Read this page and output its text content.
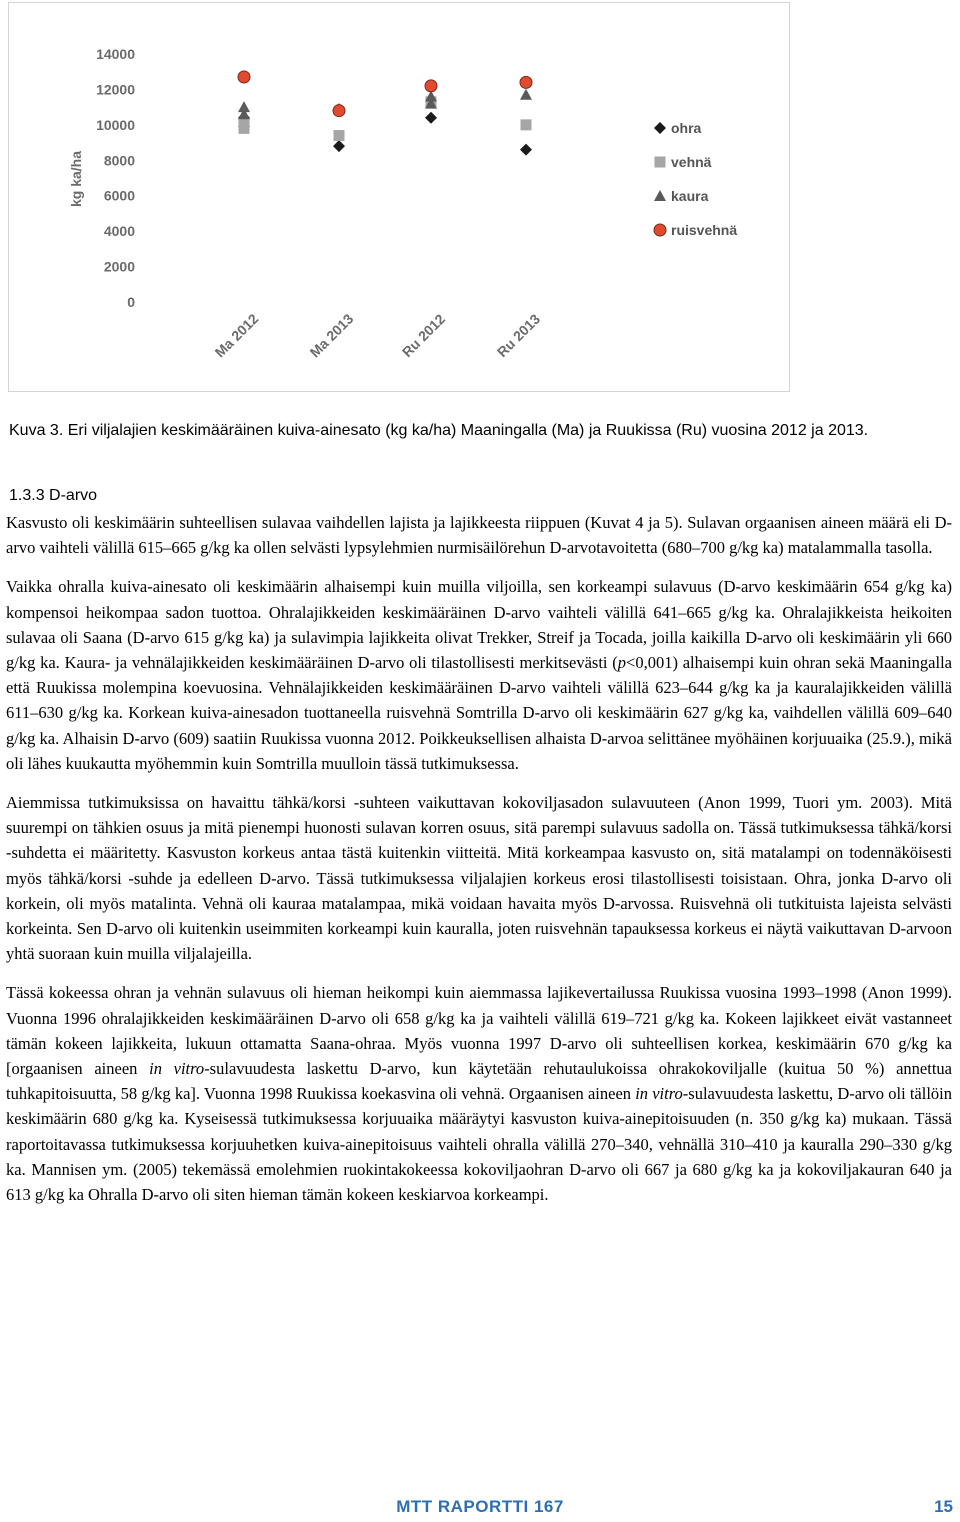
kg ka/ha
14000
12000
10000
8000
6000
4000
2000
0
Ma 2012	Ma 2013	Ru 2012	Ru 2013
ohra
vehnä
kaura
ruisvehnä
Kuva 3. Eri viljalajien keskimääräinen kuiva-ainesato (kg ka/ha) Maaningalla (Ma) ja Ruukissa (Ru) vuosina 2012 ja 2013.
1.3.3 D-arvo

Kasvusto oli keskimäärin suhteellisen sulavaa vaihdellen lajista ja lajikkeesta riippuen (Kuvat 4 ja 5). Sulavan orgaanisen aineen määrä eli D-arvo vaihteli välillä 615–665 g/kg ka ollen selvästi lypsylehmien nurmisäilörehun D-arvotavoitetta (680–700 g/kg ka) matalammalla tasolla.

Vaikka ohralla kuiva-ainesato oli keskimäärin alhaisempi kuin muilla viljoilla, sen korkeampi sulavuus (D-arvo keskimäärin 654 g/kg ka) kompensoi heikompaa sadon tuottoa. Ohralajikkeiden keskimääräinen D-arvo vaihteli välillä 641–665 g/kg ka. Ohralajikkeista heikoiten sulavaa oli Saana (D-arvo 615 g/kg ka) ja sulavimpia lajikkeita olivat Trekker, Streif ja Tocada, joilla kaikilla D-arvo oli keskimäärin yli 660 g/kg ka. Kaura- ja vehnälajikkeiden keskimääräinen D-arvo oli tilastollisesti merkitsevästi (p<0,001) alhaisempi kuin ohran sekä Maaningalla että Ruukissa molempina koevuosina. Vehnälajikkeiden keskimääräinen D-arvo vaihteli välillä 623–644 g/kg ka ja kauralajikkeiden välillä 611–630 g/kg ka. Korkean kuiva-ainesadon tuottaneella ruisvehnä Somtrilla D-arvo oli keskimäärin 627 g/kg ka, vaihdellen välillä 609–640 g/kg ka. Alhaisin D-arvo (609) saatiin Ruukissa vuonna 2012. Poikkeuksellisen alhaista D-arvoa selittänee myöhäinen korjuuaika (25.9.), mikä oli lähes kuukautta myöhemmin kuin Somtrilla muulloin tässä tutkimuksessa.

Aiemmissa tutkimuksissa on havaittu tähkä/korsi -suhteen vaikuttavan kokoviljasadon sulavuuteen (Anon 1999, Tuori ym. 2003). Mitä suurempi on tähkien osuus ja mitä pienempi huonosti sulavan korren osuus, sitä parempi sulavuus sadolla on. Tässä tutkimuksessa tähkä/korsi -suhdetta ei määritetty. Kasvuston korkeus antaa tästä kuitenkin viitteitä. Mitä korkeampaa kasvusto on, sitä matalampi on todennäköisesti myös tähkä/korsi -suhde ja edelleen D-arvo. Tässä tutkimuksessa viljalajien korkeus erosi tilastollisesti toisistaan. Ohra, jonka D-arvo oli korkein, oli myös matalinta. Vehnä oli kauraa matalampaa, mikä voidaan havaita myös D-arvossa. Ruisvehnä oli tutkituista lajeista selvästi korkeinta. Sen D-arvo oli kuitenkin useimmiten korkeampi kuin kauralla, joten ruisvehnän tapauksessa korkeus ei näytä vaikuttavan D-arvoon yhtä suoraan kuin muilla viljalajeilla.

Tässä kokeessa ohran ja vehnän sulavuus oli hieman heikompi kuin aiemmassa lajikevertailussa Ruukissa vuosina 1993–1998 (Anon 1999). Vuonna 1996 ohralajikkeiden keskimääräinen D-arvo oli 658 g/kg ka ja vaihteli välillä 619–721 g/kg ka. Kokeen lajikkeet eivät vastanneet tämän kokeen lajikkeita, lukuun ottamatta Saana-ohraa. Myös vuonna 1997 D-arvo oli suhteellisen korkea, keskimäärin 670 g/kg ka [orgaanisen aineen in vitro-sulavuudesta laskettu D-arvo, kun käytetään rehutaulukoissa ohrakokoviljalle (kuitua 50 %) annettua tuhkapitoisuutta, 58 g/kg ka]. Vuonna 1998 Ruukissa koekasvina oli vehnä. Orgaanisen aineen in vitro-sulavuudesta laskettu, D-arvo oli tällöin keskimäärin 680 g/kg ka. Kyseisessä tutkimuksessa korjuuaika määräytyi kasvuston kuiva-ainepitoisuuden (n. 350 g/kg ka) mukaan. Tässä raportoitavassa tutkimuksessa korjuuhetken kuiva-ainepitoisuus vaihteli ohralla välillä 270–340, vehnällä 310–410 ja kauralla 290–330 g/kg ka. Mannisen ym. (2005) tekemässä emolehmien ruokintakokeessa kokoviljaohran D-arvo oli 667 ja 680 g/kg ka ja kokoviljakauran 640 ja 613 g/kg ka Ohralla D-arvo oli siten hieman tämän kokeen keskiarvoa korkeampi.

MTT RAPORTTI 167	15
